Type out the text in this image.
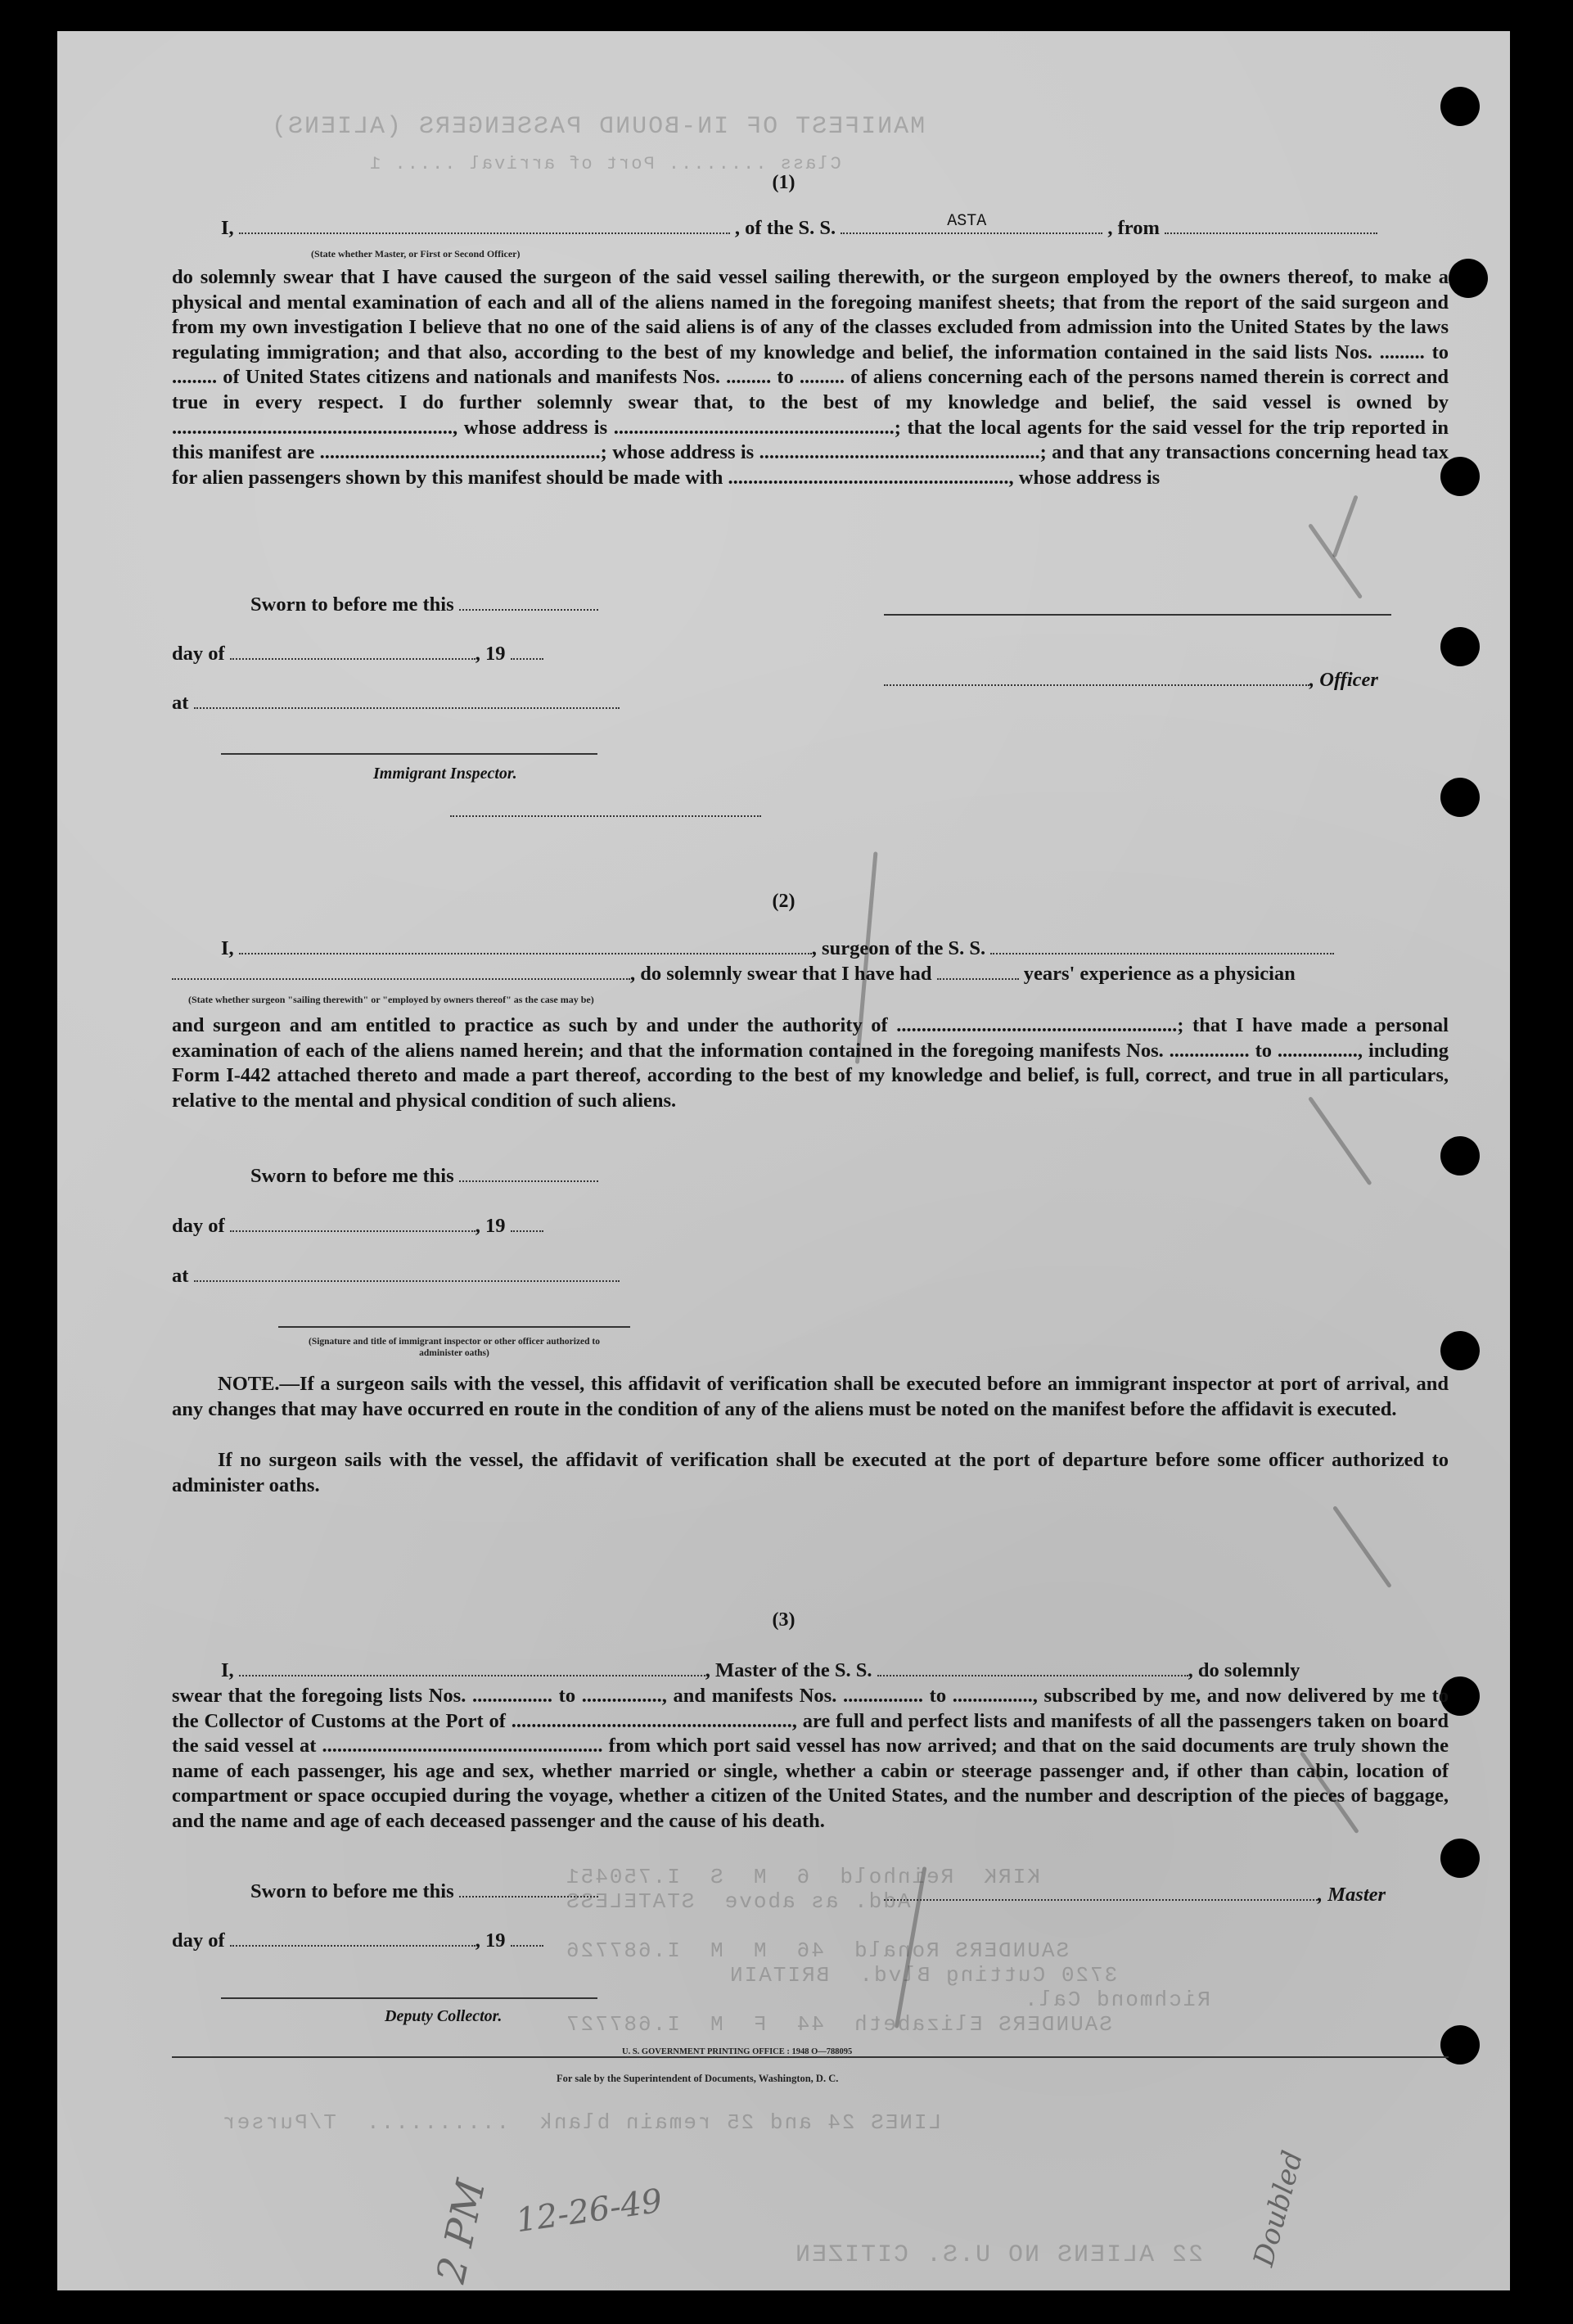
MANIFEST OF IN-BOUND PASSENGERS (ALIENS)
Class ........ Port of arrival ..... 1
KIRK  Reinhold  6  M  S  I.750451
Add. as above  STATELESS
SAUNDERS Ronald  46  M  M  I.687726
3720 Cutting Blvd.  BRITAIN
Richmond Cal.
SAUNDERS Elizabeth  44  F  M  I.687727
LINES 24 and 25 remain blank  ..........  T/Purser
22 ALIENS NO U.S. CITIZEN
(1)
I,	, of the S. S.	ASTA	, from
(State whether Master, or First or Second Officer)
do solemnly swear that I have caused the surgeon of the said vessel sailing therewith, or the surgeon employed by the owners thereof, to make a physical and mental examination of each and all of the aliens named in the foregoing manifest sheets; that from the report of the said surgeon and from my own investigation I believe that no one of the said aliens is of any of the classes excluded from admission into the United States by the laws regulating immigration; and that also, according to the best of my knowledge and belief, the information contained in the said lists Nos. ......... to ......... of United States citizens and nationals and manifests Nos. ......... to ......... of aliens concerning each of the persons named therein is correct and true in every respect. I do further solemnly swear that, to the best of my knowledge and belief, the said vessel is owned by ........................................................, whose address is ........................................................; that the local agents for the said vessel for the trip reported in this manifest are ........................................................; whose address is ........................................................; and that any transactions concerning head tax for alien passengers shown by this manifest should be made with ........................................................, whose address is
Sworn to before me this
day of	, 19
, Officer
at
Immigrant Inspector.
(2)
I,	, surgeon of the S. S.
, do solemnly swear that I have had	years' experience as a physician
(State whether surgeon "sailing therewith" or "employed by owners thereof" as the case may be)
and surgeon and am entitled to practice as such by and under the authority of ........................................................; that I have made a personal examination of each of the aliens named herein; and that the information contained in the foregoing manifests Nos. ................ to ................, including Form I-442 attached thereto and made a part thereof, according to the best of my knowledge and belief, is full, correct, and true in all particulars, relative to the mental and physical condition of such aliens.
Sworn to before me this
day of	, 19
at
(Signature and title of immigrant inspector or other officer authorized to administer oaths)
NOTE.—If a surgeon sails with the vessel, this affidavit of verification shall be executed before an immigrant inspector at port of arrival, and any changes that may have occurred en route in the condition of any of the aliens must be noted on the manifest before the affidavit is executed.
If no surgeon sails with the vessel, the affidavit of verification shall be executed at the port of departure before some officer authorized to administer oaths.
(3)
I,	, Master of the S. S.	, do solemnly
swear that the foregoing lists Nos. ................ to ................, and manifests Nos. ................ to ................, subscribed by me, and now delivered by me to the Collector of Customs at the Port of ........................................................, are full and perfect lists and manifests of all the passengers taken on board the said vessel at ........................................................ from which port said vessel has now arrived; and that on the said documents are truly shown the name of each passenger, his age and sex, whether married or single, whether a cabin or steerage passenger and, if other than cabin, location of compartment or space occupied during the voyage, whether a citizen of the United States, and the number and description of the pieces of baggage, and the name and age of each deceased passenger and the cause of his death.
Sworn to before me this	, Master
day of	, 19
Deputy Collector.
U. S. GOVERNMENT PRINTING OFFICE : 1948 O—788095
For sale by the Superintendent of Documents, Washington, D. C.
12-26-49
2 PM	Doubled
